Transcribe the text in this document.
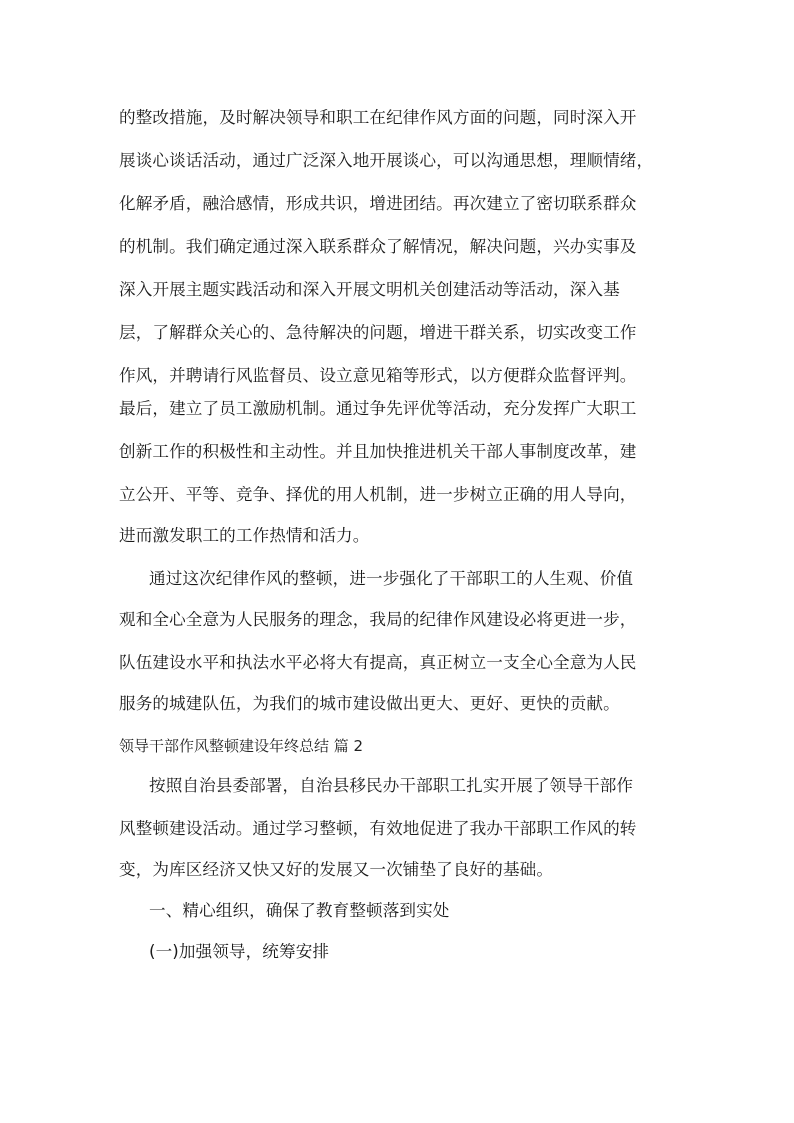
的整改措施，及时解决领导和职工在纪律作风方面的问题，同时深入开
展谈心谈话活动，通过广泛深入地开展谈心，可以沟通思想，理顺情绪，
化解矛盾，融洽感情，形成共识，增进团结。再次建立了密切联系群众
的机制。我们确定通过深入联系群众了解情况，解决问题，兴办实事及
深入开展主题实践活动和深入开展文明机关创建活动等活动，深入基
层，了解群众关心的、急待解决的问题，增进干群关系，切实改变工作
作风，并聘请行风监督员、设立意见箱等形式，以方便群众监督评判。
最后，建立了员工激励机制。通过争先评优等活动，充分发挥广大职工
创新工作的积极性和主动性。并且加快推进机关干部人事制度改革，建
立公开、平等、竞争、择优的用人机制，进一步树立正确的用人导向，
进而激发职工的工作热情和活力。
通过这次纪律作风的整顿，进一步强化了干部职工的人生观、价值
观和全心全意为人民服务的理念，我局的纪律作风建设必将更进一步，
队伍建设水平和执法水平必将大有提高，真正树立一支全心全意为人民
服务的城建队伍，为我们的城市建设做出更大、更好、更快的贡献。
领导干部作风整顿建设年终总结 篇 2
按照自治县委部署，自治县移民办干部职工扎实开展了领导干部作
风整顿建设活动。通过学习整顿，有效地促进了我办干部职工作风的转
变，为库区经济又快又好的发展又一次铺垫了良好的基础。
一、精心组织，确保了教育整顿落到实处
(一)加强领导，统筹安排
